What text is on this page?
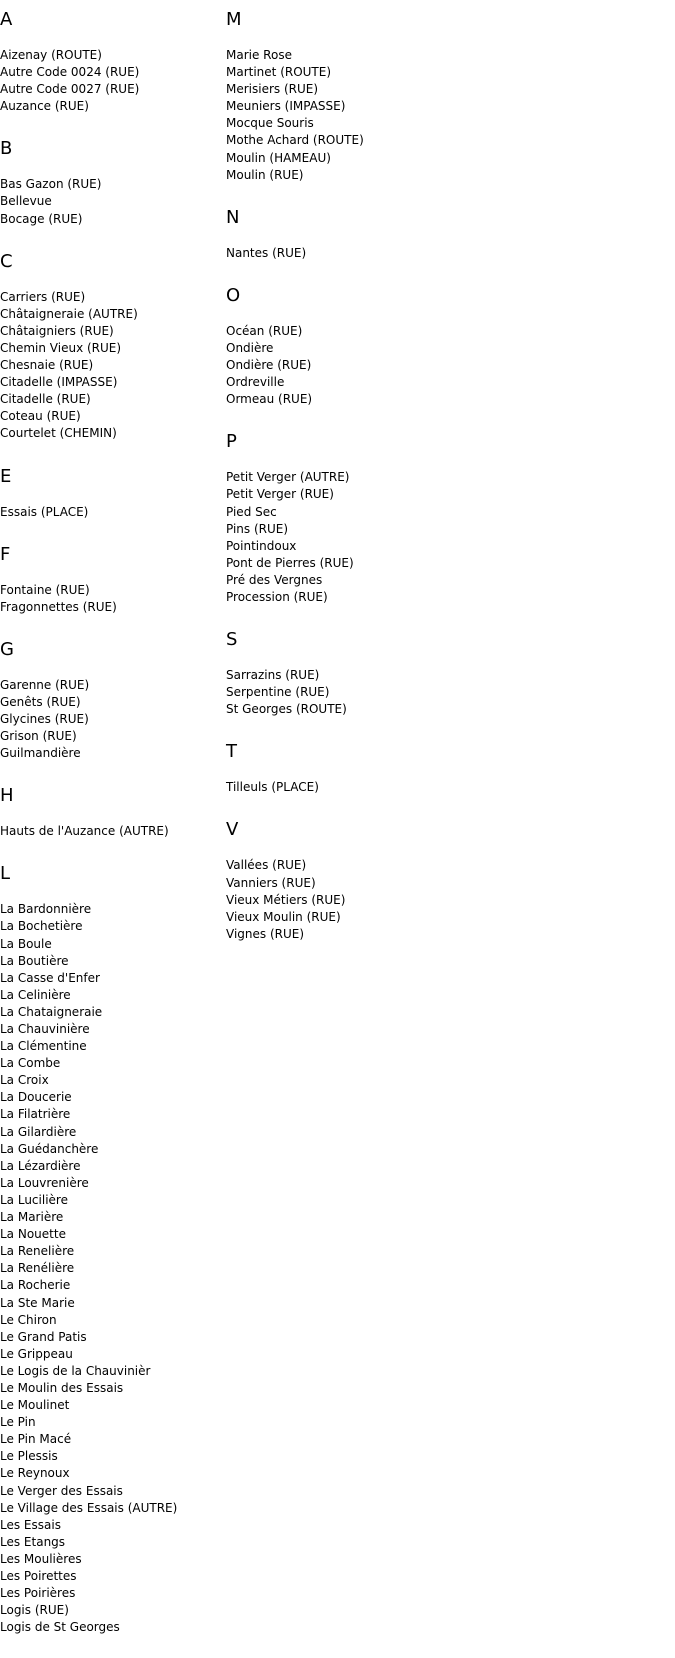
A
Aizenay (ROUTE)
Autre Code 0024 (RUE)
Autre Code 0027 (RUE)
Auzance (RUE)
B
Bas Gazon (RUE)
Bellevue
Bocage (RUE)
C
Carriers (RUE)
Châtaigneraie (AUTRE)
Châtaigniers (RUE)
Chemin Vieux (RUE)
Chesnaie (RUE)
Citadelle (IMPASSE)
Citadelle (RUE)
Coteau (RUE)
Courtelet (CHEMIN)
E
Essais (PLACE)
F
Fontaine (RUE)
Fragonnettes (RUE)
G
Garenne (RUE)
Genêts (RUE)
Glycines (RUE)
Grison (RUE)
Guilmandière
H
Hauts de l'Auzance (AUTRE)
L
La Bardonnière
La Bochetière
La Boule
La Boutière
La Casse d'Enfer
La Celinière
La Chataigneraie
La Chauvinière
La Clémentine
La Combe
La Croix
La Doucerie
La Filatrière
La Gilardière
La Guédanchère
La Lézardière
La Louvrenière
La Lucilière
La Marière
La Nouette
La Renelière
La Renélière
La Rocherie
La Ste Marie
Le Chiron
Le Grand Patis
Le Grippeau
Le Logis de la Chauvinièr
Le Moulin des Essais
Le Moulinet
Le Pin
Le Pin Macé
Le Plessis
Le Reynoux
Le Verger des Essais
Le Village des Essais (AUTRE)
Les Essais
Les Etangs
Les Moulières
Les Poirettes
Les Poirières
Logis (RUE)
Logis de St Georges
M
Marie Rose
Martinet (ROUTE)
Merisiers (RUE)
Meuniers (IMPASSE)
Mocque Souris
Mothe Achard (ROUTE)
Moulin (HAMEAU)
Moulin (RUE)
N
Nantes (RUE)
O
Océan (RUE)
Ondière
Ondière (RUE)
Ordreville
Ormeau (RUE)
P
Petit Verger (AUTRE)
Petit Verger (RUE)
Pied Sec
Pins (RUE)
Pointindoux
Pont de Pierres (RUE)
Pré des Vergnes
Procession (RUE)
S
Sarrazins (RUE)
Serpentine (RUE)
St Georges (ROUTE)
T
Tilleuls (PLACE)
V
Vallées (RUE)
Vanniers (RUE)
Vieux Métiers (RUE)
Vieux Moulin (RUE)
Vignes (RUE)
